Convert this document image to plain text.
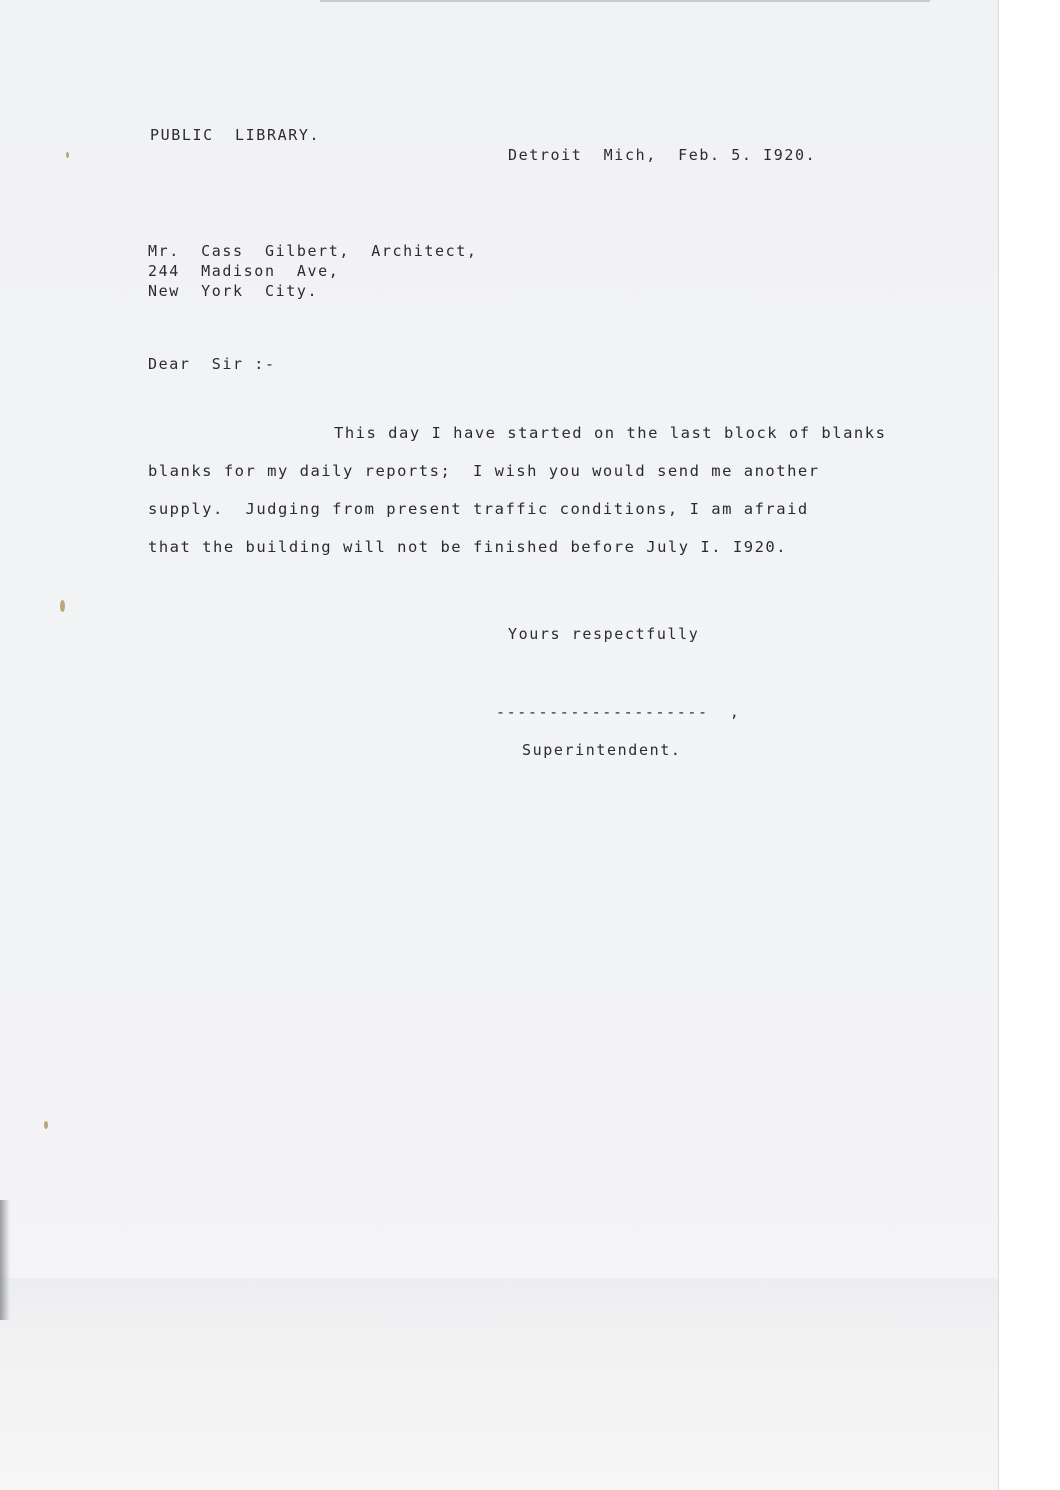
PUBLIC  LIBRARY.

Detroit  Mich,  Feb. 5. I920.

Mr.  Cass  Gilbert,  Architect,
244  Madison  Ave,
New  York  City.

Dear  Sir :-

This day I have started on the last block of blanks
blanks for my daily reports;  I wish you would send me another
supply.  Judging from present traffic conditions, I am afraid
that the building will not be finished before July I. I920.

Yours respectfully

--------------------  ,

Superintendent.
